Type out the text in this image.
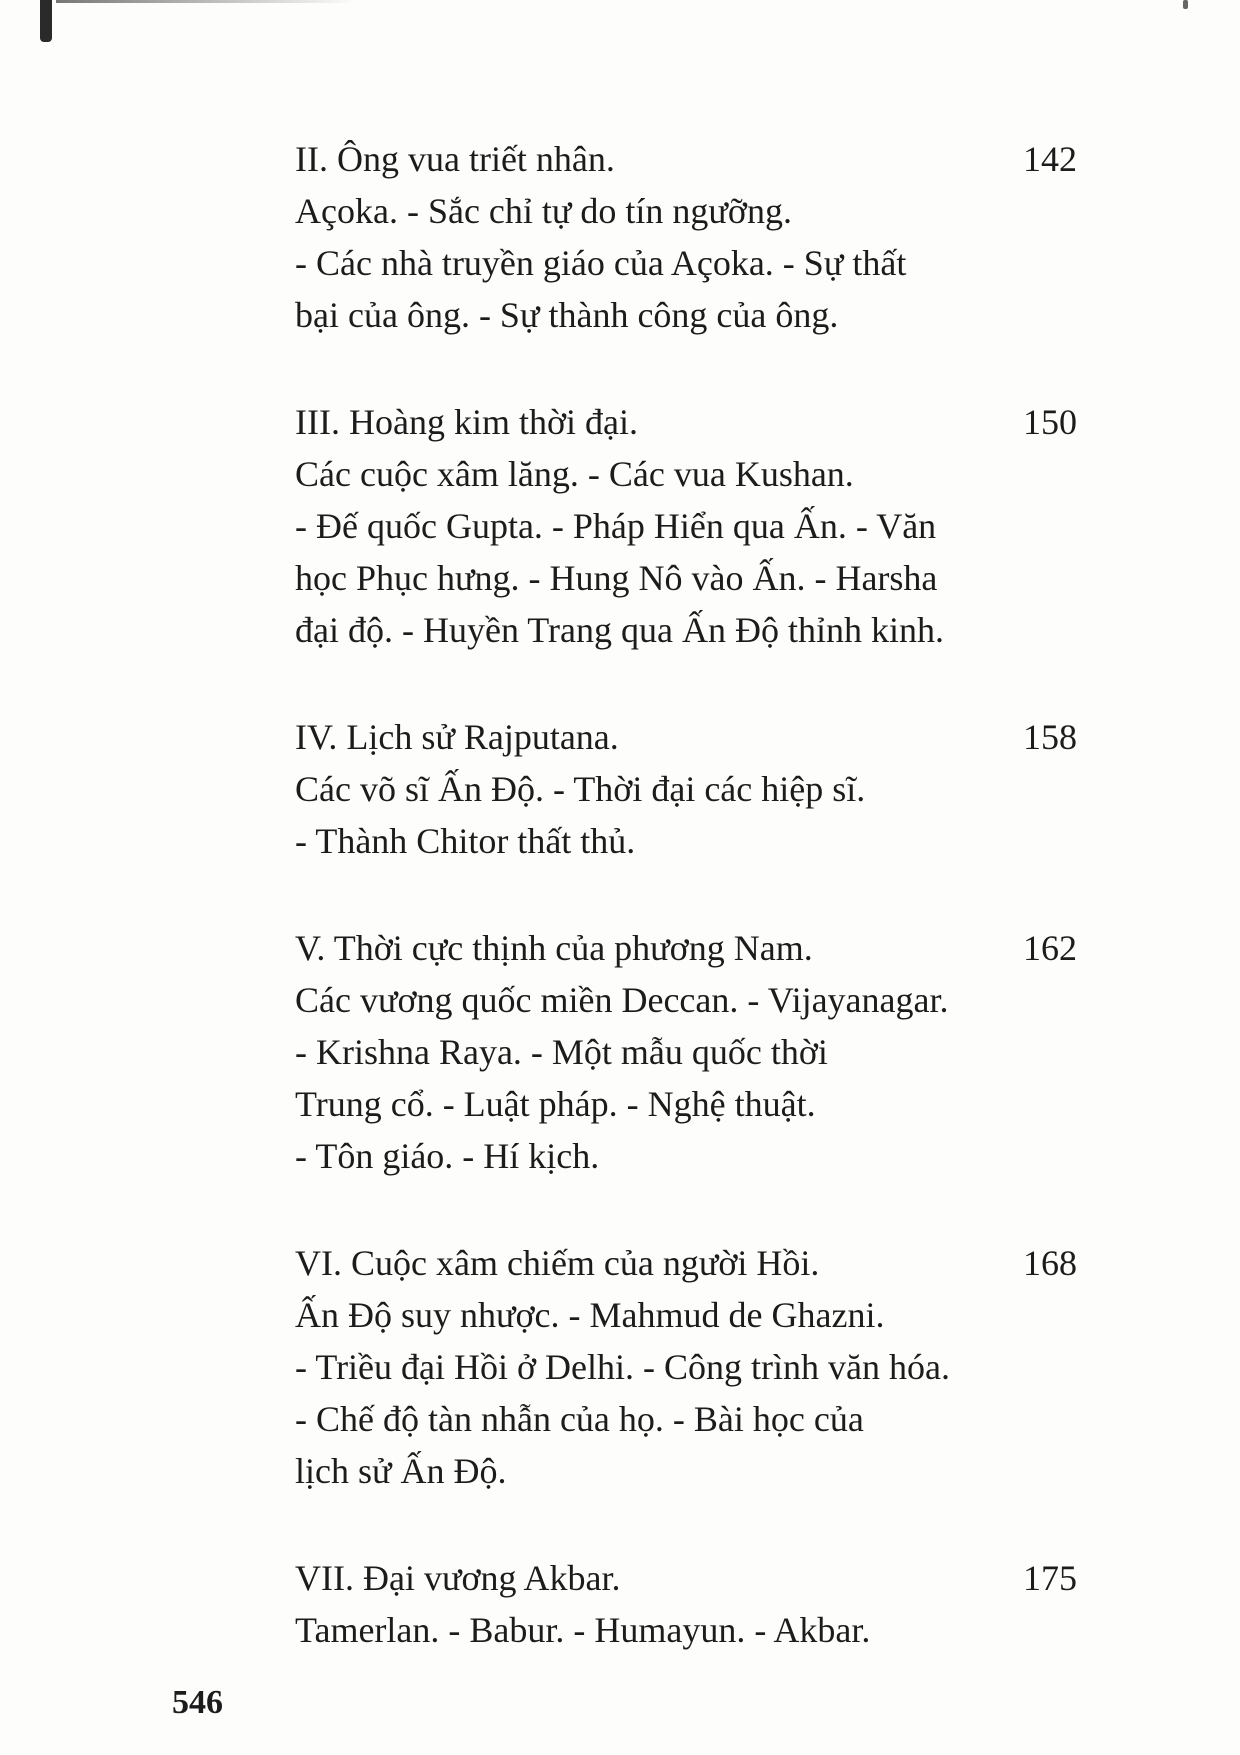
II. Ông vua triết nhân.	142
Açoka. - Sắc chỉ tự do tín ngưỡng.
- Các nhà truyền giáo của Açoka. - Sự thất
bại của ông. - Sự thành công của ông.
III. Hoàng kim thời đại.	150
Các cuộc xâm lăng. - Các vua Kushan.
- Đế quốc Gupta. - Pháp Hiển qua Ấn. - Văn
học Phục hưng. - Hung Nô vào Ấn. - Harsha
đại độ. - Huyền Trang qua Ấn Độ thỉnh kinh.
IV. Lịch sử Rajputana.	158
Các võ sĩ Ấn Độ. - Thời đại các hiệp sĩ.
- Thành Chitor thất thủ.
V. Thời cực thịnh của phương Nam.	162
Các vương quốc miền Deccan. - Vijayanagar.
- Krishna Raya. - Một mẫu quốc thời
Trung cổ. - Luật pháp. - Nghệ thuật.
- Tôn giáo. - Hí kịch.
VI. Cuộc xâm chiếm của người Hồi.	168
Ấn Độ suy nhược. - Mahmud de Ghazni.
- Triều đại Hồi ở Delhi. - Công trình văn hóa.
- Chế độ tàn nhẫn của họ. - Bài học của
lịch sử Ấn Độ.
VII. Đại vương Akbar.	175
Tamerlan. - Babur. - Humayun. - Akbar.
546
